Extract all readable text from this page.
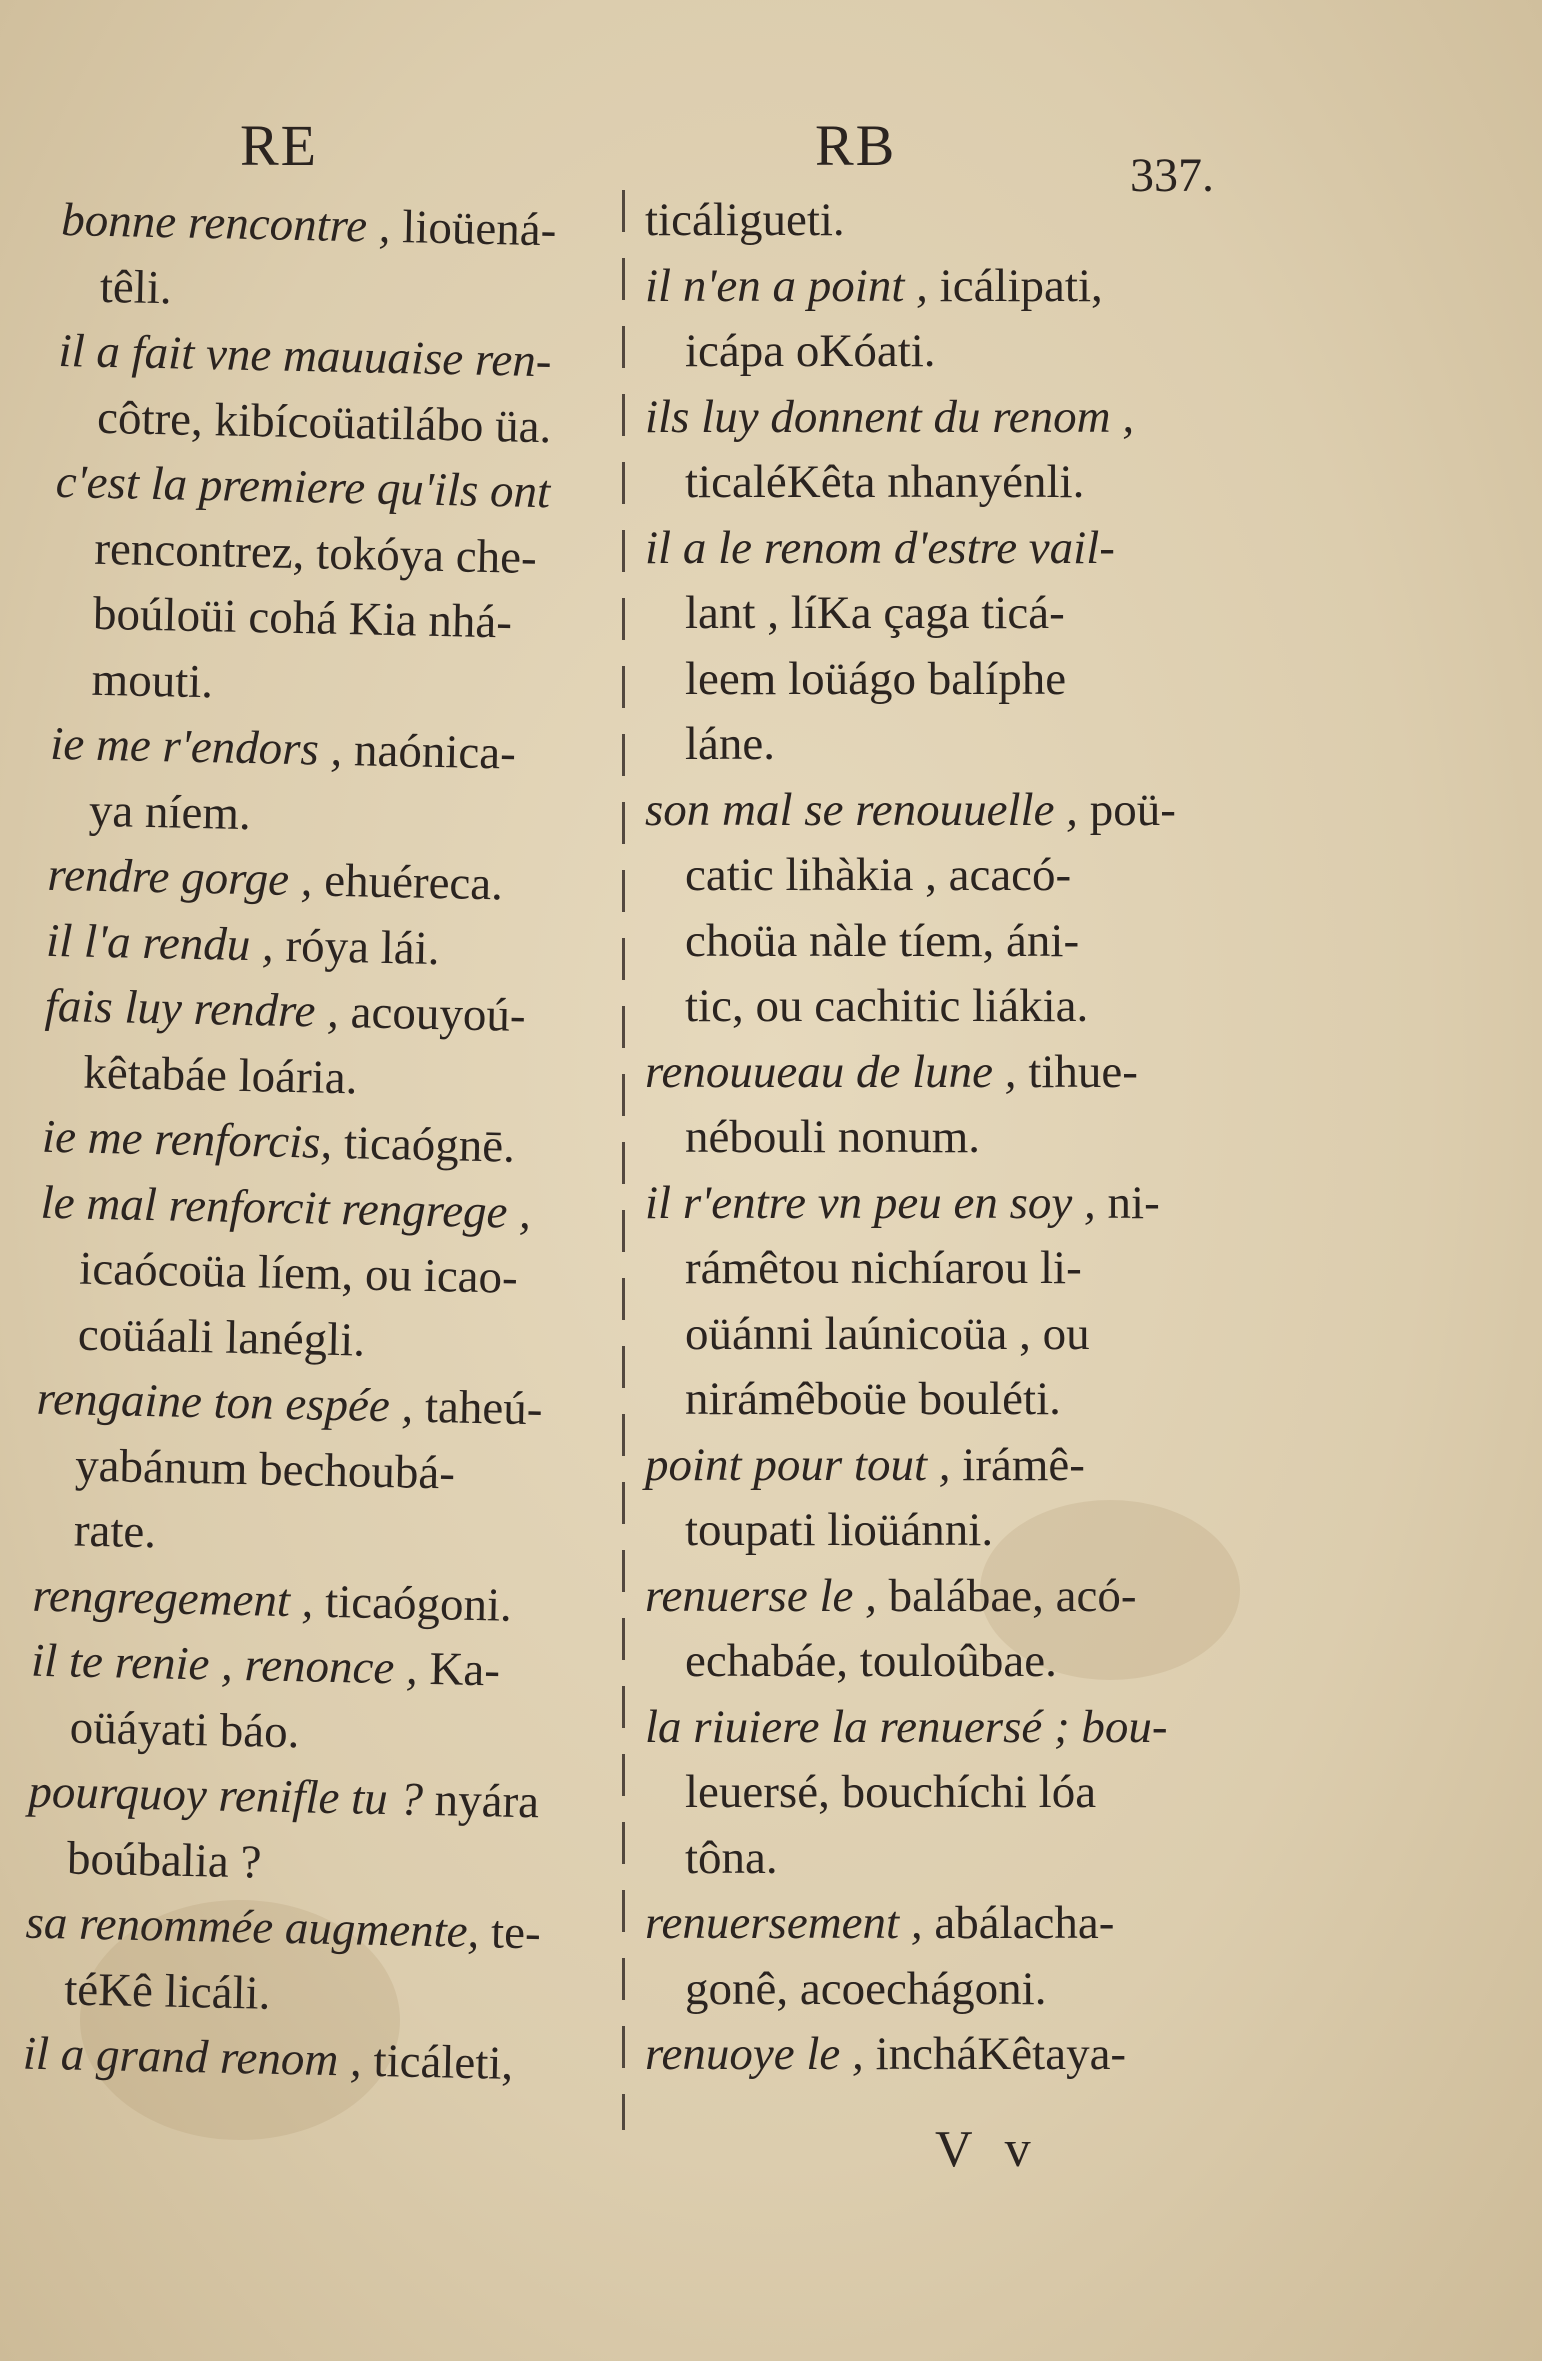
RE	RB	337.
bonne rencontre , lioüená-
têli.
il a fait vne mauuaise ren-
côtre, kibícoüatilábo üa.
c'est la premiere qu'ils ont
rencontrez, tokóya che-
boúloüi cohá Kia nhá-
mouti.
ie me r'endors , naónica-
ya níem.
rendre gorge , ehuéreca.
il l'a rendu , róya lái.
fais luy rendre , acouyoú-
kêtabáe loária.
ie me renforcis, ticaógnē.
le mal renforcit rengrege ,
icaócoüa líem, ou icao-
coüáali lanégli.
rengaine ton espée , taheú-
yabánum bechoubá-
rate.
rengregement , ticaógoni.
il te renie , renonce , Ka-
oüáyati báo.
pourquoy renifle tu ? nyára
boúbalia ?
sa renommée augmente, te-
téKê licáli.
il a grand renom , ticáleti,
ticáligueti.
il n'en a point , icálipati,
icápa oKóati.
ils luy donnent du renom ,
ticaléKêta nhanyénli.
il a le renom d'estre vail-
lant , líKa çaga ticá-
leem loüágo balíphe
láne.
son mal se renouuelle , poü-
catic lihàkia , acacó-
choüa nàle tíem, áni-
tic, ou cachitic liákia.
renouueau de lune , tihue-
nébouli nonum.
il r'entre vn peu en soy , ni-
rámêtou nichíarou li-
oüánni laúnicoüa , ou
nirámêboüe bouléti.
point pour tout , irámê-
toupati lioüánni.
renuerse le , balábae, acó-
echabáe, touloûbae.
la riuiere la renuersé ; bou-
leuersé, bouchíchi lóa
tôna.
renuersement , abálacha-
gonê, acoechágoni.
renuoye le , incháKêtaya-
V v
